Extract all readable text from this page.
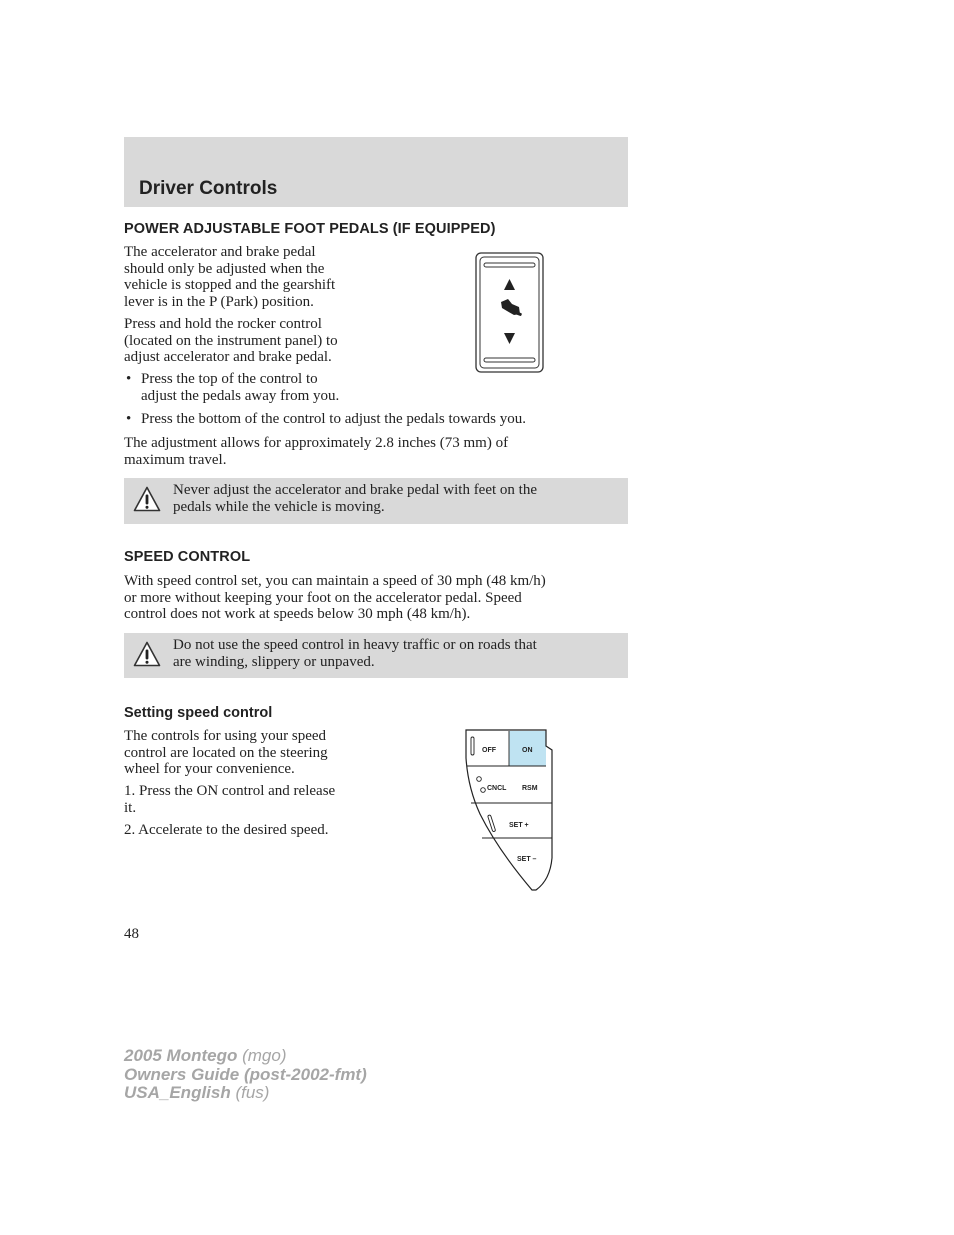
Driver Controls
POWER ADJUSTABLE FOOT PEDALS (IF EQUIPPED)
The accelerator and brake pedal
should only be adjusted when the
vehicle is stopped and the gearshift
lever is in the P (Park) position.
Press and hold the rocker control
(located on the instrument panel) to
adjust accelerator and brake pedal.
• Press the top of the control to
adjust the pedals away from you.
• Press the bottom of the control to adjust the pedals towards you.
The adjustment allows for approximately 2.8 inches (73 mm) of
maximum travel.
Never adjust the accelerator and brake pedal with feet on the
pedals while the vehicle is moving.
SPEED CONTROL
With speed control set, you can maintain a speed of 30 mph (48 km/h)
or more without keeping your foot on the accelerator pedal. Speed
control does not work at speeds below 30 mph (48 km/h).
Do not use the speed control in heavy traffic or on roads that
are winding, slippery or unpaved.
Setting speed control
The controls for using your speed
control are located on the steering
wheel for your convenience.
1. Press the ON control and release
it.
2. Accelerate to the desired speed.
OFF	ON
CNCL RSM
SET +
SET –
48
2005 Montego (mgo)
Owners Guide (post-2002-fmt)
USA_English (fus)
